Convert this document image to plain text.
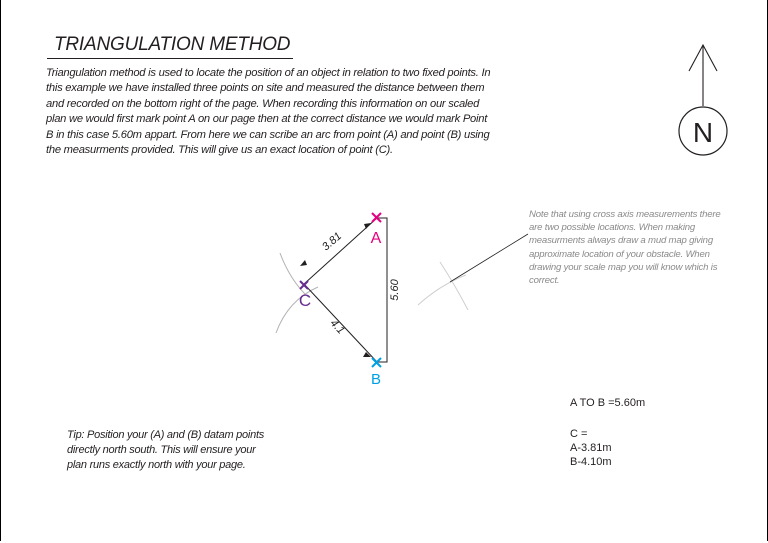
TRIANGULATION METHOD
Triangulation method is used to locate the position of an object in relation to two fixed points. In this example we have installed three points on site and measured the distance between them and recorded on the bottom right of the page. When recording this information on our scaled plan we would first mark point A on our page then at the correct distance we would mark Point B in this case 5.60m appart. From here we can scribe an arc from point (A) and point (B) using the measurments provided. This will give us an exact location of point (C).
N
A
B
C
3.81
4.1
5.60
Note that using cross axis measurements there are two possible locations. When making measurments always draw a mud map giving approximate location of your obstacle. When drawing your scale map you will know which is correct.
Tip: Position your (A) and (B) datam points directly north south. This will ensure your plan runs exactly north with your page.
A TO B =5.60m
C =
A-3.81m
B-4.10m
